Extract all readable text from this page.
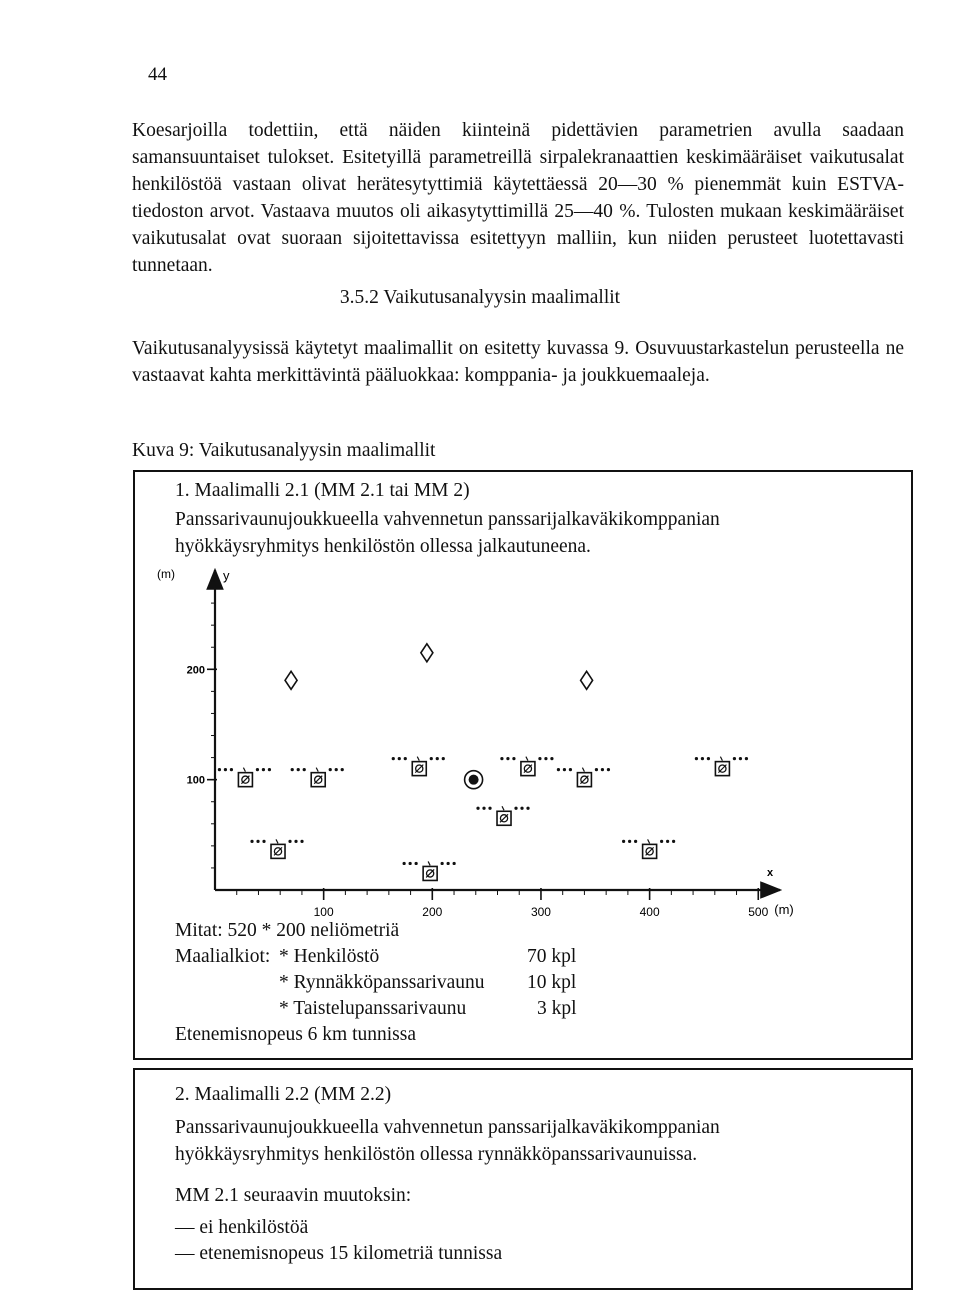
44

Koesarjoilla todettiin, että näiden kiinteinä pidettävien parametrien avulla saadaan samansuuntaiset tulokset. Esitetyillä parametreillä sirpalekranaattien keskimääräiset vaikutusalat henkilöstöä vastaan olivat herätesytyttimiä käytettäessä 20—30 % pienemmät kuin ESTVA-tiedoston arvot. Vastaava muutos oli aikasytyttimillä 25—40 %. Tulosten mukaan keskimääräiset vaikutusalat ovat suoraan sijoitettavissa esitettyyn malliin, kun niiden perusteet luotettavasti tunnetaan.

3.5.2 Vaikutusanalyysin maalimallit

Vaikutusanalyysissä käytetyt maalimallit on esitetty kuvassa 9. Osuvuustarkastelun perusteella ne vastaavat kahta merkittävintä pääluokkaa: komppania- ja joukkuemaaleja.

Kuva 9: Vaikutusanalyysin maalimallit
1. Maalimalli 2.1 (MM 2.1 tai MM 2)

Panssarivaunujoukkueella vahvennetun panssarijalkaväkikomppanian hyökkäysryhmitys henkilöstön ollessa jalkautuneena.

(m)	y
x
(m)
100	200	300	400	500
200
100
Mitat: 520 * 200 neliömetriä
Maalialkiot: * Henkilöstö	70 kpl
* Rynnäkköpanssarivaunu 10 kpl
* Taistelupanssarivaunu	3 kpl
Etenemisnopeus 6 km tunnissa
2. Maalimalli 2.2 (MM 2.2)

Panssarivaunujoukkueella vahvennetun panssarijalkaväkikomppanian hyökkäysryhmitys henkilöstön ollessa rynnäkköpanssarivaunuissa.

MM 2.1 seuraavin muutoksin:
— ei henkilöstöä
— etenemisnopeus 15 kilometriä tunnissa
